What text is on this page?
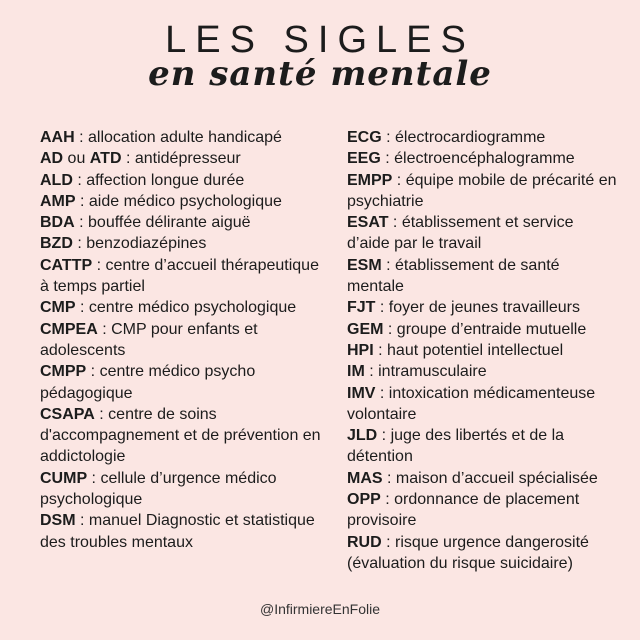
LES SIGLES
en santé mentale

AAH : allocation adulte handicapé

AD ou ATD : antidépresseur

ALD : affection longue durée

AMP : aide médico psychologique

BDA : bouffée délirante aiguë

BZD : benzodiazépines

CATTP : centre d’accueil thérapeutique à temps partiel

CMP : centre médico psychologique

CMPEA : CMP pour enfants et adolescents

CMPP : centre médico psycho pédagogique

CSAPA : centre de soins d'accompagnement et de prévention en addictologie

CUMP : cellule d’urgence médico psychologique

DSM : manuel Diagnostic et statistique des troubles mentaux

ECG : électrocardiogramme

EEG : électroencéphalogramme

EMPP : équipe mobile de précarité en psychiatrie

ESAT : établissement et service d’aide par le travail

ESM : établissement de santé mentale

FJT : foyer de jeunes travailleurs

GEM : groupe d’entraide mutuelle

HPI : haut potentiel intellectuel

IM : intramusculaire

IMV : intoxication médicamenteuse volontaire

JLD : juge des libertés et de la détention

MAS : maison d’accueil spécialisée

OPP : ordonnance de placement provisoire

RUD : risque urgence dangerosité (évaluation du risque suicidaire)

@InfirmiereEnFolie
